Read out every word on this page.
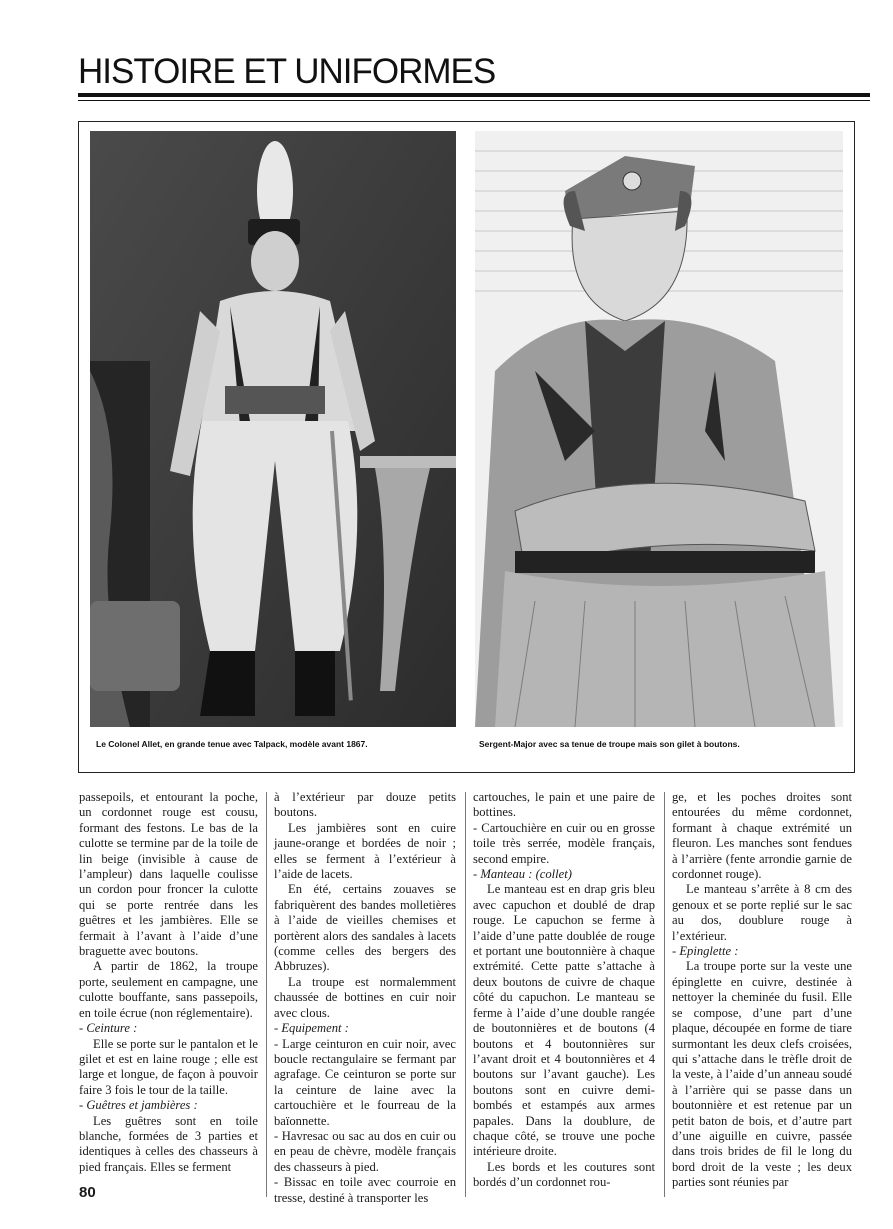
HISTOIRE ET UNIFORMES
Le Colonel Allet, en grande tenue avec Talpack, modèle avant 1867.	Sergent-Major avec sa tenue de troupe mais son gilet à boutons.

passepoils, et entourant la poche, un cordonnet rouge est cousu, formant des festons. Le bas de la culotte se termine par de la toile de lin beige (invisible à cause de l’ampleur) dans laquelle coulisse un cordon pour froncer la culotte qui se porte rentrée dans les guêtres et les jambières. Elle se fermait à l’avant à l’aide d’une braguette avec boutons.

A partir de 1862, la troupe porte, seulement en campagne, une culotte bouffante, sans passepoils, en toile écrue (non réglementaire).

- Ceinture :

Elle se porte sur le pantalon et le gilet et est en laine rouge ; elle est large et longue, de façon à pouvoir faire 3 fois le tour de la taille.

- Guêtres et jambières :

Les guêtres sont en toile blanche, formées de 3 parties et identiques à celles des chasseurs à pied français. Elles se ferment

à l’extérieur par douze petits boutons.

Les jambières sont en cuire jaune-orange et bordées de noir ; elles se ferment à l’extérieur à l’aide de lacets.

En été, certains zouaves se fabriquèrent des bandes molletières à l’aide de vieilles chemises et portèrent alors des sandales à lacets (comme celles des bergers des Abbruzes).

La troupe est normalemment chaussée de bottines en cuir noir avec clous.

- Equipement :

- Large ceinturon en cuir noir, avec boucle rectangulaire se fermant par agrafage. Ce ceinturon se porte sur la ceinture de laine avec la cartouchière et le fourreau de la baïonnette.

- Havresac ou sac au dos en cuir ou en peau de chèvre, modèle français des chasseurs à pied.

- Bissac en toile avec courroie en tresse, destiné à transporter les

cartouches, le pain et une paire de bottines.

- Cartouchière en cuir ou en grosse toile très serrée, modèle français, second empire.

- Manteau : (collet)

Le manteau est en drap gris bleu avec capuchon et doublé de drap rouge. Le capuchon se ferme à l’aide d’une patte doublée de rouge et portant une boutonnière à chaque extrémité. Cette patte s’attache à deux boutons de cuivre de chaque côté du capuchon. Le manteau se ferme à l’aide d’une double rangée de boutonnières et de boutons (4 boutons et 4 boutonnières sur l’avant droit et 4 boutonnières et 4 boutons sur l’avant gauche). Les boutons sont en cuivre demi-bombés et estampés aux armes papales. Dans la doublure, de chaque côté, se trouve une poche intérieure droite.

Les bords et les coutures sont bordés d’un cordonnet rou-

ge, et les poches droites sont entourées du même cordonnet, formant à chaque extrémité un fleuron. Les manches sont fendues à l’arrière (fente arrondie garnie de cordonnet rouge).

Le manteau s’arrête à 8 cm des genoux et se porte replié sur le sac au dos, doublure rouge à l’extérieur.

- Epinglette :

La troupe porte sur la veste une épinglette en cuivre, destinée à nettoyer la cheminée du fusil. Elle se compose, d’une part d’une plaque, découpée en forme de tiare surmontant les deux clefs croisées, qui s’attache dans le trèfle droit de la veste, à l’aide d’un anneau soudé à l’arrière qui se passe dans un boutonnière et est retenue par un petit baton de bois, et d’autre part d’une aiguille en cuivre, passée dans trois brides de fil le long du bord droit de la veste ; les deux parties sont réunies par

80
